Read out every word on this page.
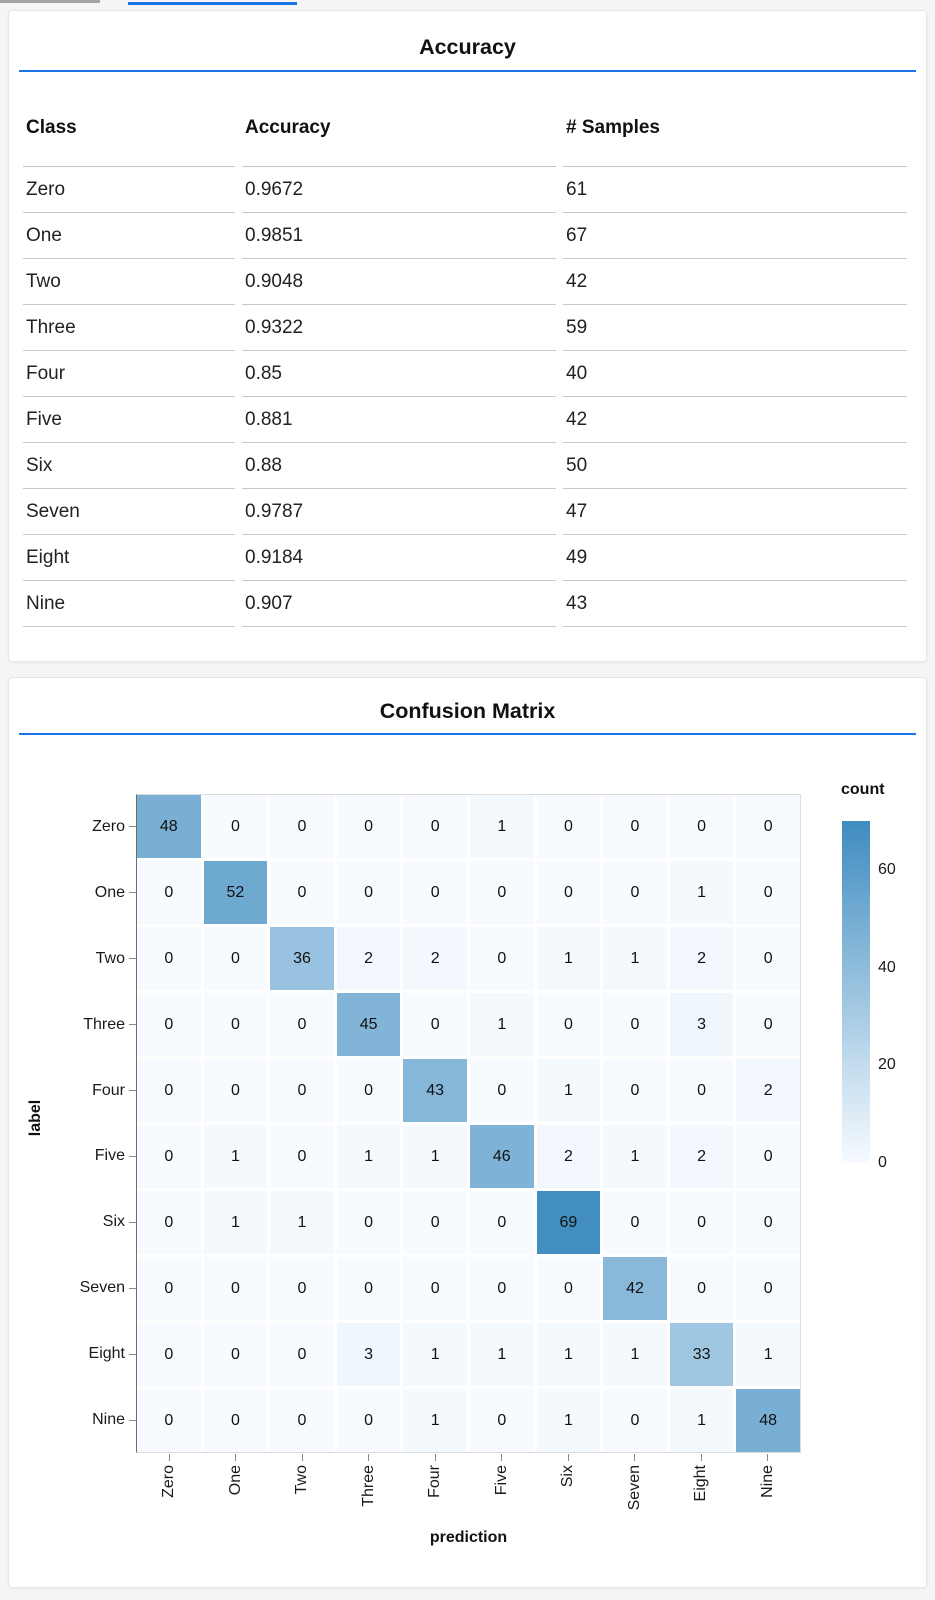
Accuracy
Class	Accuracy	# Samples
Zero	0.9672	61
One	0.9851	67
Two	0.9048	42
Three	0.9322	59
Four	0.85	40
Five	0.881	42
Six	0.88	50
Seven	0.9787	47
Eight	0.9184	49
Nine	0.907	43
Confusion Matrix
48	0	0	0	0	1	0	0	0	0
0	52	0	0	0	0	0	0	1	0
0	0	36	2	2	0	1	1	2	0
0	0	0	45	0	1	0	0	3	0
0	0	0	0	43	0	1	0	0	2
0	1	0	1	1	46	2	1	2	0
0	1	1	0	0	0	69	0	0	0
0	0	0	0	0	0	0	42	0	0
0	0	0	3	1	1	1	1	33	1
0	0	0	0	1	0	1	0	1	48
label
prediction
count
Zero
One
Two
Three
Four
Five
Six
Seven
Eight
Nine
Zero	One	Two	Three	Four	Five	Six	Seven	Eight	Nine
60
40
20
0
